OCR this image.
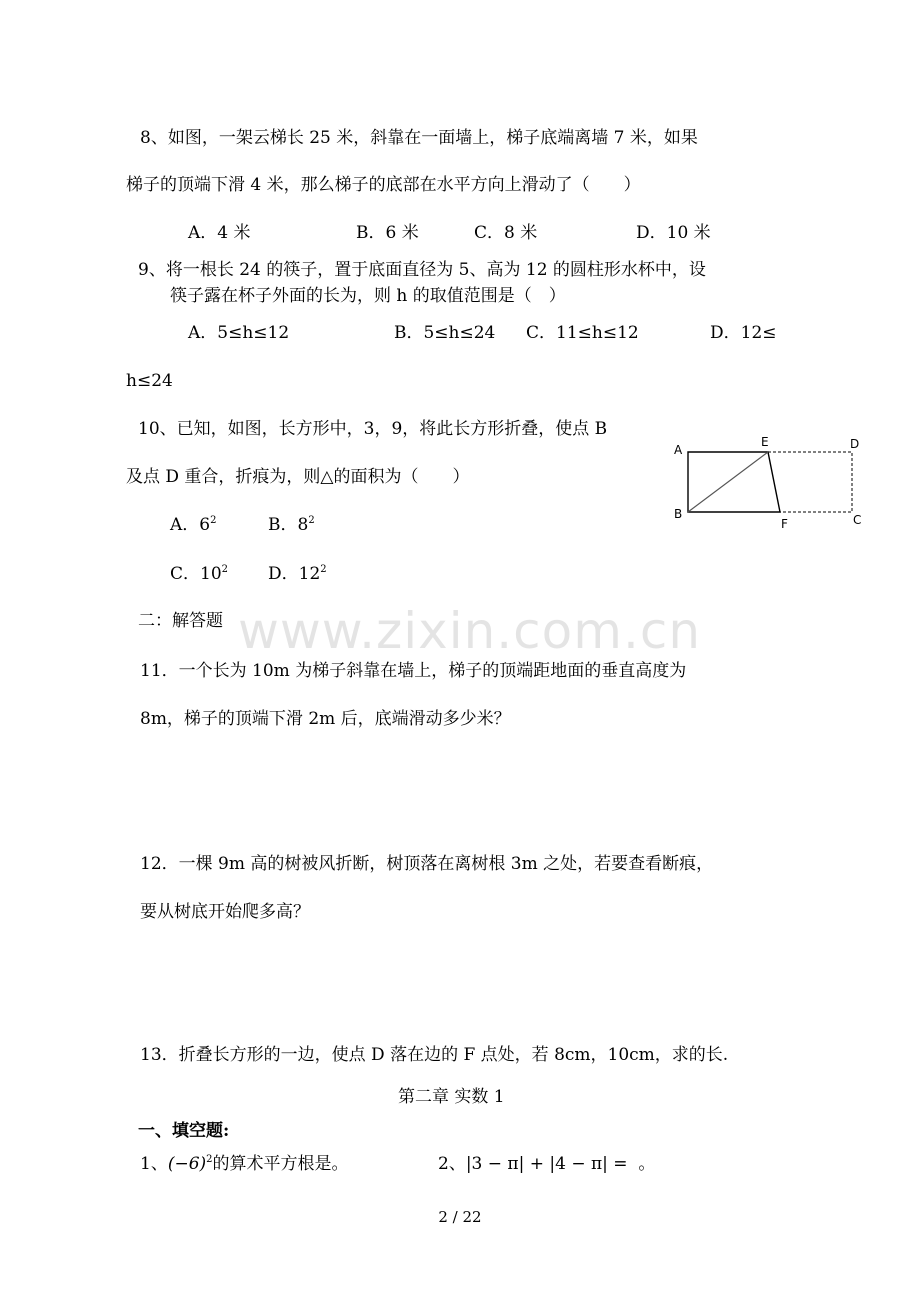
www.zixin.com.cn
8、如图，一架云梯长 25 米，斜靠在一面墙上，梯子底端离墙 7 米，如果
梯子的顶端下滑 4 米，那么梯子的底部在水平方向上滑动了（　　）
A．4 米	B．6 米	C．8 米	D．10 米
9、将一根长 24 的筷子，置于底面直径为 5、高为 12 的圆柱形水杯中，设
筷子露在杯子外面的长为，则 h 的取值范围是（　）
A．5≤h≤12	B．5≤h≤24 C．11≤h≤12	D．12≤
h≤24
10、已知，如图，长方形中，3，9，将此长方形折叠，使点 B
及点 D 重合，折痕为，则△的面积为（　　）
A．$6^2$	B．$8^2$
C．$10^2$ D．$12^2$
A
E	D
B
F	C
二：解答题
11．一个长为 10m 为梯子斜靠在墙上，梯子的顶端距地面的垂直高度为
8m，梯子的顶端下滑 2m 后，底端滑动多少米？
12．一棵 9m 高的树被风折断，树顶落在离树根 3m 之处，若要查看断痕，
要从树底开始爬多高？
13．折叠长方形的一边，使点 D 落在边的 F 点处，若 8cm，10cm，求的长.
第二章 实数 1
一、填空题:
1、$(-6)^2$的算术平方根是。	2、|3 − π| + |4 − π| = 。
2 / 22
